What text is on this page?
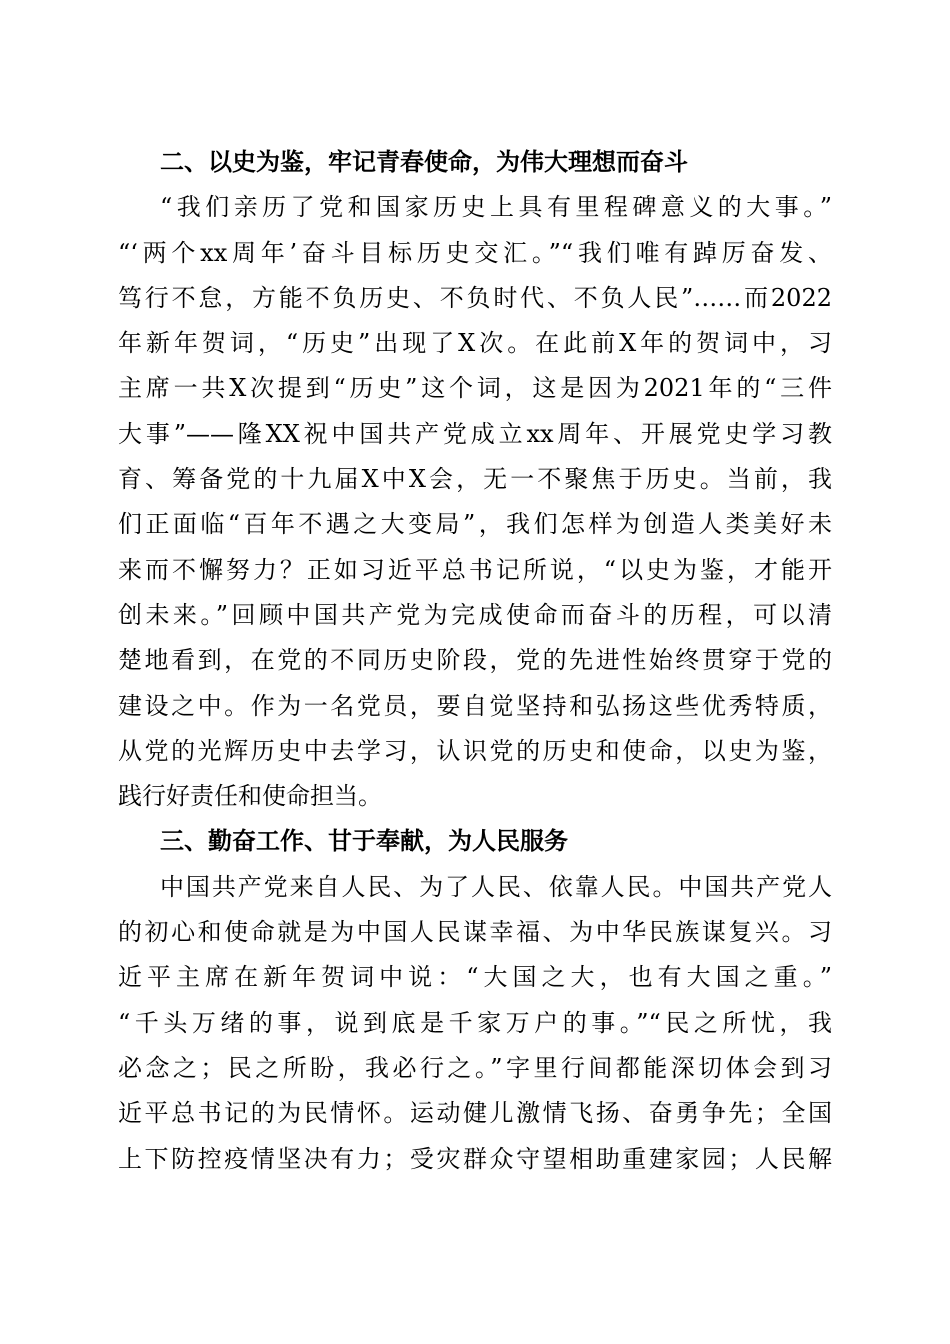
二、以史为鉴，牢记青春使命，为伟大理想而奋斗

“我们亲历了党和国家历史上具有里程碑意义的大事。”
“‘两个xx周年’奋斗目标历史交汇。”“我们唯有踔厉奋发、
笃行不怠，方能不负历史、不负时代、不负人民”……而2022
年新年贺词，“历史”出现了X次。在此前X年的贺词中，习
主席一共X次提到“历史”这个词，这是因为2021年的“三件
大事”——隆XX祝中国共产党成立xx周年、开展党史学习教
育、筹备党的十九届X中X会，无一不聚焦于历史。当前，我
们正面临“百年不遇之大变局”，我们怎样为创造人类美好未
来而不懈努力？正如习近平总书记所说，“以史为鉴，才能开
创未来。”回顾中国共产党为完成使命而奋斗的历程，可以清
楚地看到，在党的不同历史阶段，党的先进性始终贯穿于党的
建设之中。作为一名党员，要自觉坚持和弘扬这些优秀特质，
从党的光辉历史中去学习，认识党的历史和使命，以史为鉴，
践行好责任和使命担当。

三、勤奋工作、甘于奉献，为人民服务

中国共产党来自人民、为了人民、依靠人民。中国共产党人
的初心和使命就是为中国人民谋幸福、为中华民族谋复兴。习
近平主席在新年贺词中说：“大国之大，也有大国之重。”
“千头万绪的事，说到底是千家万户的事。”“民之所忧，我
必念之；民之所盼，我必行之。”字里行间都能深切体会到习
近平总书记的为民情怀。运动健儿激情飞扬、奋勇争先；全国
上下防控疫情坚决有力；受灾群众守望相助重建家园；人民解
